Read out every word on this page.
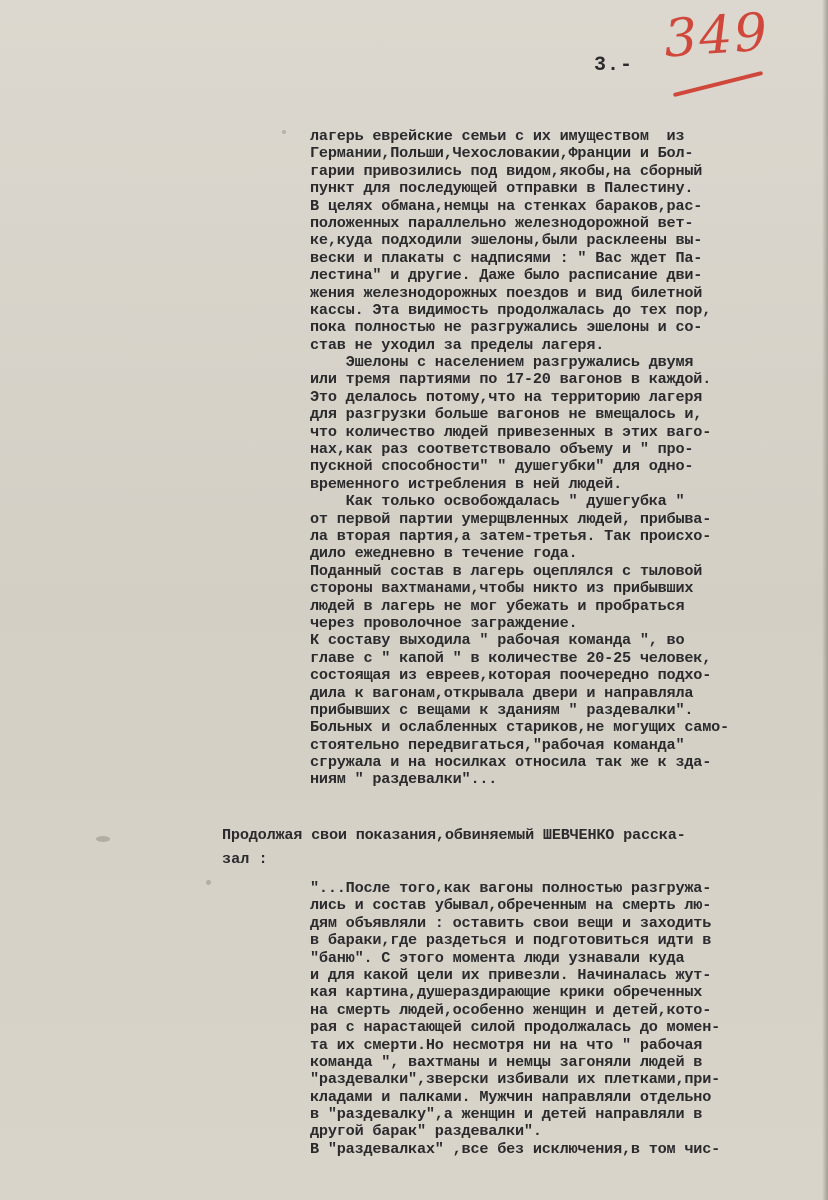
3.- 349
лагерь еврейские семьи с их имуществом  из
Германии,Польши,Чехословакии,Франции и Бол-
гарии привозились под видом,якобы,на сборный
пункт для последующей отправки в Палестину.
В целях обмана,немцы на стенках бараков,рас-
положенных параллельно железнодорожной вет-
ке,куда подходили эшелоны,были расклеены вы-
вески и плакаты с надписями : " Вас ждет Па-
лестина" и другие. Даже было расписание дви-
жения железнодорожных поездов и вид билетной
кассы. Эта видимость продолжалась до тех пор,
пока полностью не разгружались эшелоны и со-
став не уходил за пределы лагеря.
Эшелоны с населением разгружались двумя
или тремя партиями по 17-20 вагонов в каждой.
Это делалось потому,что на территорию лагеря
для разгрузки больше вагонов не вмещалось и,
что количество людей привезенных в этих ваго-
нах,как раз соответствовало объему и " про-
пускной способности" " душегубки" для одно-
временного истребления в ней людей.
Как только освобождалась " душегубка "
от первой партии умерщвленных людей, прибыва-
ла вторая партия,а затем-третья. Так происхо-
дило ежедневно в течение года.
Поданный состав в лагерь оцеплялся с тыловой
стороны вахтманами,чтобы никто из прибывших
людей в лагерь не мог убежать и пробраться
через проволочное заграждение.
К составу выходила " рабочая команда ", во
главе с " капой " в количестве 20-25 человек,
состоящая из евреев,которая поочередно подхо-
дила к вагонам,открывала двери и направляла
прибывших с вещами к зданиям " раздевалки".
Больных и ослабленных стариков,не могущих само-
стоятельно передвигаться,"рабочая команда"
сгружала и на носилках относила так же к зда-
ниям " раздевалки"...
Продолжая свои показания,обвиняемый ШЕВЧЕНКО расска-
зал :
"...После того,как вагоны полностью разгружа-
лись и состав убывал,обреченным на смерть лю-
дям объявляли : оставить свои вещи и заходить
в бараки,где раздеться и подготовиться идти в
"баню". С этого момента люди узнавали куда
и для какой цели их привезли. Начиналась жут-
кая картина,душераздирающие крики обреченных
на смерть людей,особенно женщин и детей,кото-
рая с нарастающей силой продолжалась до момен-
та их смерти.Но несмотря ни на что " рабочая
команда ", вахтманы и немцы загоняли людей в
"раздевалки",зверски избивали их плетками,при-
кладами и палками. Мужчин направляли отдельно
в "раздевалку",а женщин и детей направляли в
другой барак" раздевалки".
В "раздевалках" ,все без исключения,в том чис-
